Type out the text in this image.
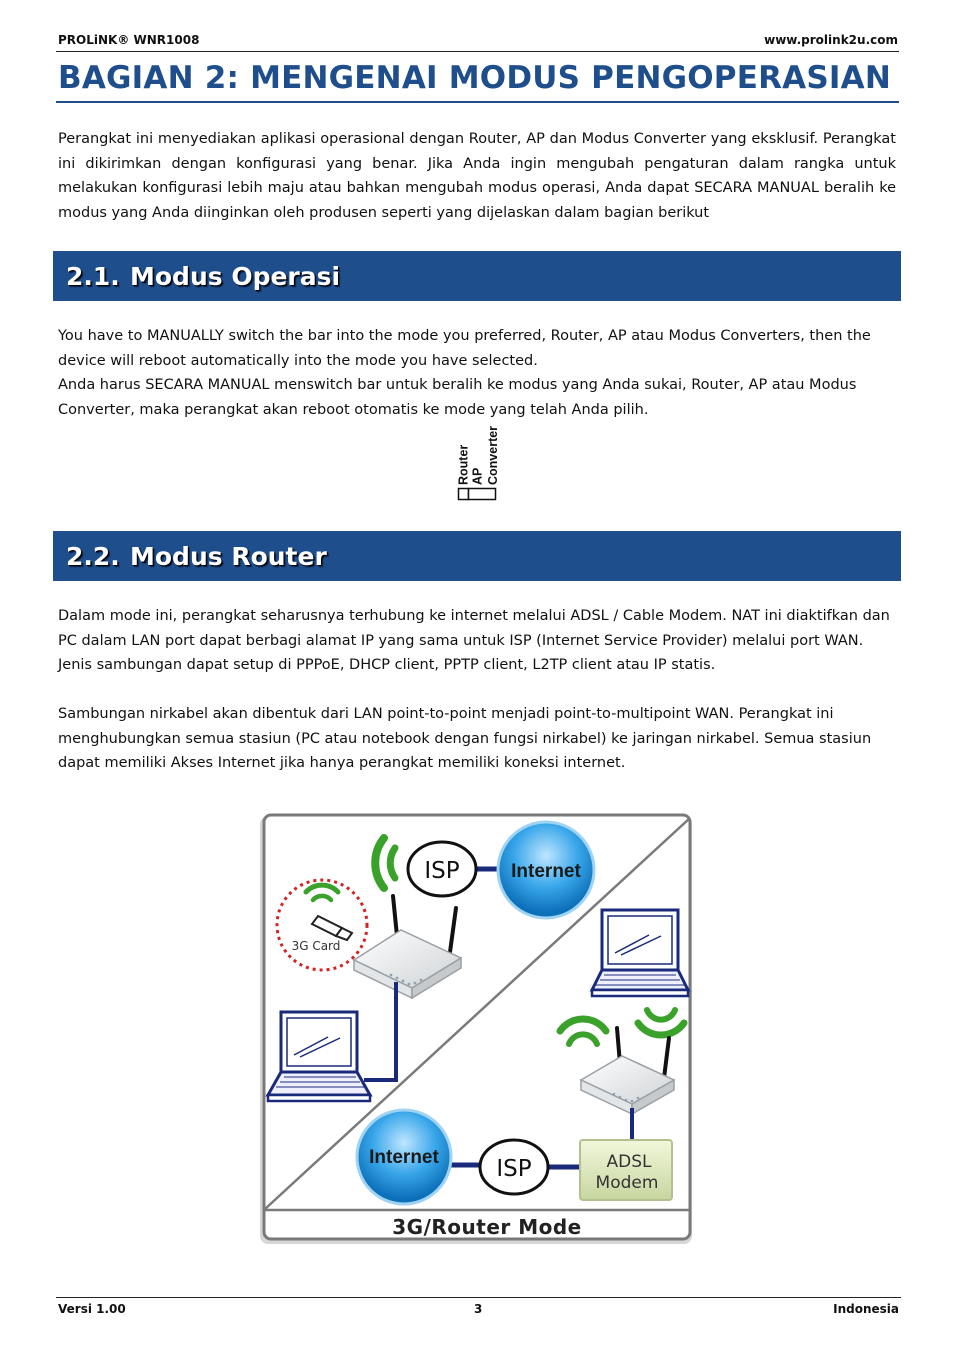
PROLiNK® WNR1008	www.prolink2u.com
BAGIAN 2: MENGENAI MODUS PENGOPERASIAN
Perangkat ini menyediakan aplikasi operasional dengan Router, AP dan Modus Converter yang eksklusif. Perangkat ini dikirimkan dengan konfigurasi yang benar. Jika Anda ingin mengubah pengaturan dalam rangka untuk melakukan konfigurasi lebih maju atau bahkan mengubah modus operasi, Anda dapat SECARA MANUAL beralih ke modus yang Anda diinginkan oleh produsen seperti yang dijelaskan dalam bagian berikut
2.1. Modus Operasi
You have to MANUALLY switch the bar into the mode you preferred, Router, AP atau Modus Converters, then the device will reboot automatically into the mode you have selected.
Anda harus SECARA MANUAL menswitch bar untuk beralih ke modus yang Anda sukai, Router, AP atau Modus Converter, maka perangkat akan reboot otomatis ke mode yang telah Anda pilih.
Router AP Converter
2.2. Modus Router
Dalam mode ini, perangkat seharusnya terhubung ke internet melalui ADSL / Cable Modem. NAT ini diaktifkan dan PC dalam LAN port dapat berbagi alamat IP yang sama untuk ISP (Internet Service Provider) melalui port WAN. Jenis sambungan dapat setup di PPPoE, DHCP client, PPTP client, L2TP client atau IP statis.
Sambungan nirkabel akan dibentuk dari LAN point-to-point menjadi point-to-multipoint WAN. Perangkat ini menghubungkan semua stasiun (PC atau notebook dengan fungsi nirkabel) ke jaringan nirkabel. Semua stasiun dapat memiliki Akses Internet jika hanya perangkat memiliki koneksi internet.
ISP	Internet
3G Card
Internet	ISP	ADSL
Modem
3G/Router Mode
Versi 1.00	3	Indonesia
